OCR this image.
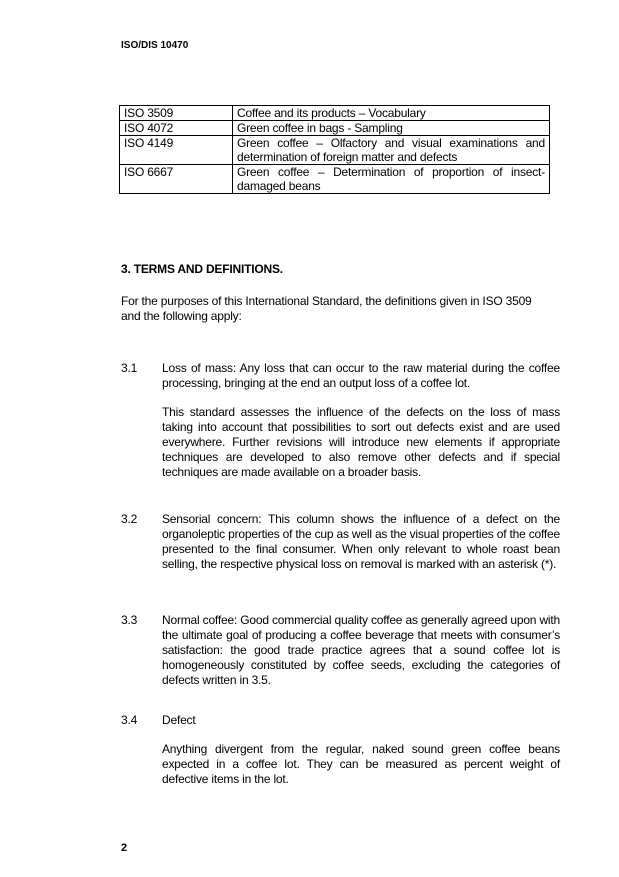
ISO/DIS 10470
ISO 3509	Coffee and its products – Vocabulary
ISO 4072	Green coffee in bags - Sampling
ISO 4149	Green coffee – Olfactory and visual examinations and determination of foreign matter and defects
ISO 6667	Green coffee – Determination of proportion of insect-damaged beans
3. TERMS AND DEFINITIONS.
For the purposes of this International Standard, the definitions given in ISO 3509 and the following apply:
3.1 Loss of mass: Any loss that can occur to the raw material during the coffee processing, bringing at the end an output loss of a coffee lot.

This standard assesses the influence of the defects on the loss of mass taking into account that possibilities to sort out defects exist and are used everywhere. Further revisions will introduce new elements if appropriate techniques are developed to also remove other defects and if special techniques are made available on a broader basis.

3.2 Sensorial concern: This column shows the influence of a defect on the organoleptic properties of the cup as well as the visual properties of the coffee presented to the final consumer. When only relevant to whole roast bean selling, the respective physical loss on removal is marked with an asterisk (*).

3.3 Normal coffee: Good commercial quality coffee as generally agreed upon with the ultimate goal of producing a coffee beverage that meets with consumer’s satisfaction: the good trade practice agrees that a sound coffee lot is homogeneously constituted by coffee seeds, excluding the categories of defects written in 3.5.

3.4 Defect

Anything divergent from the regular, naked sound green coffee beans expected in a coffee lot. They can be measured as percent weight of defective items in the lot.

2
